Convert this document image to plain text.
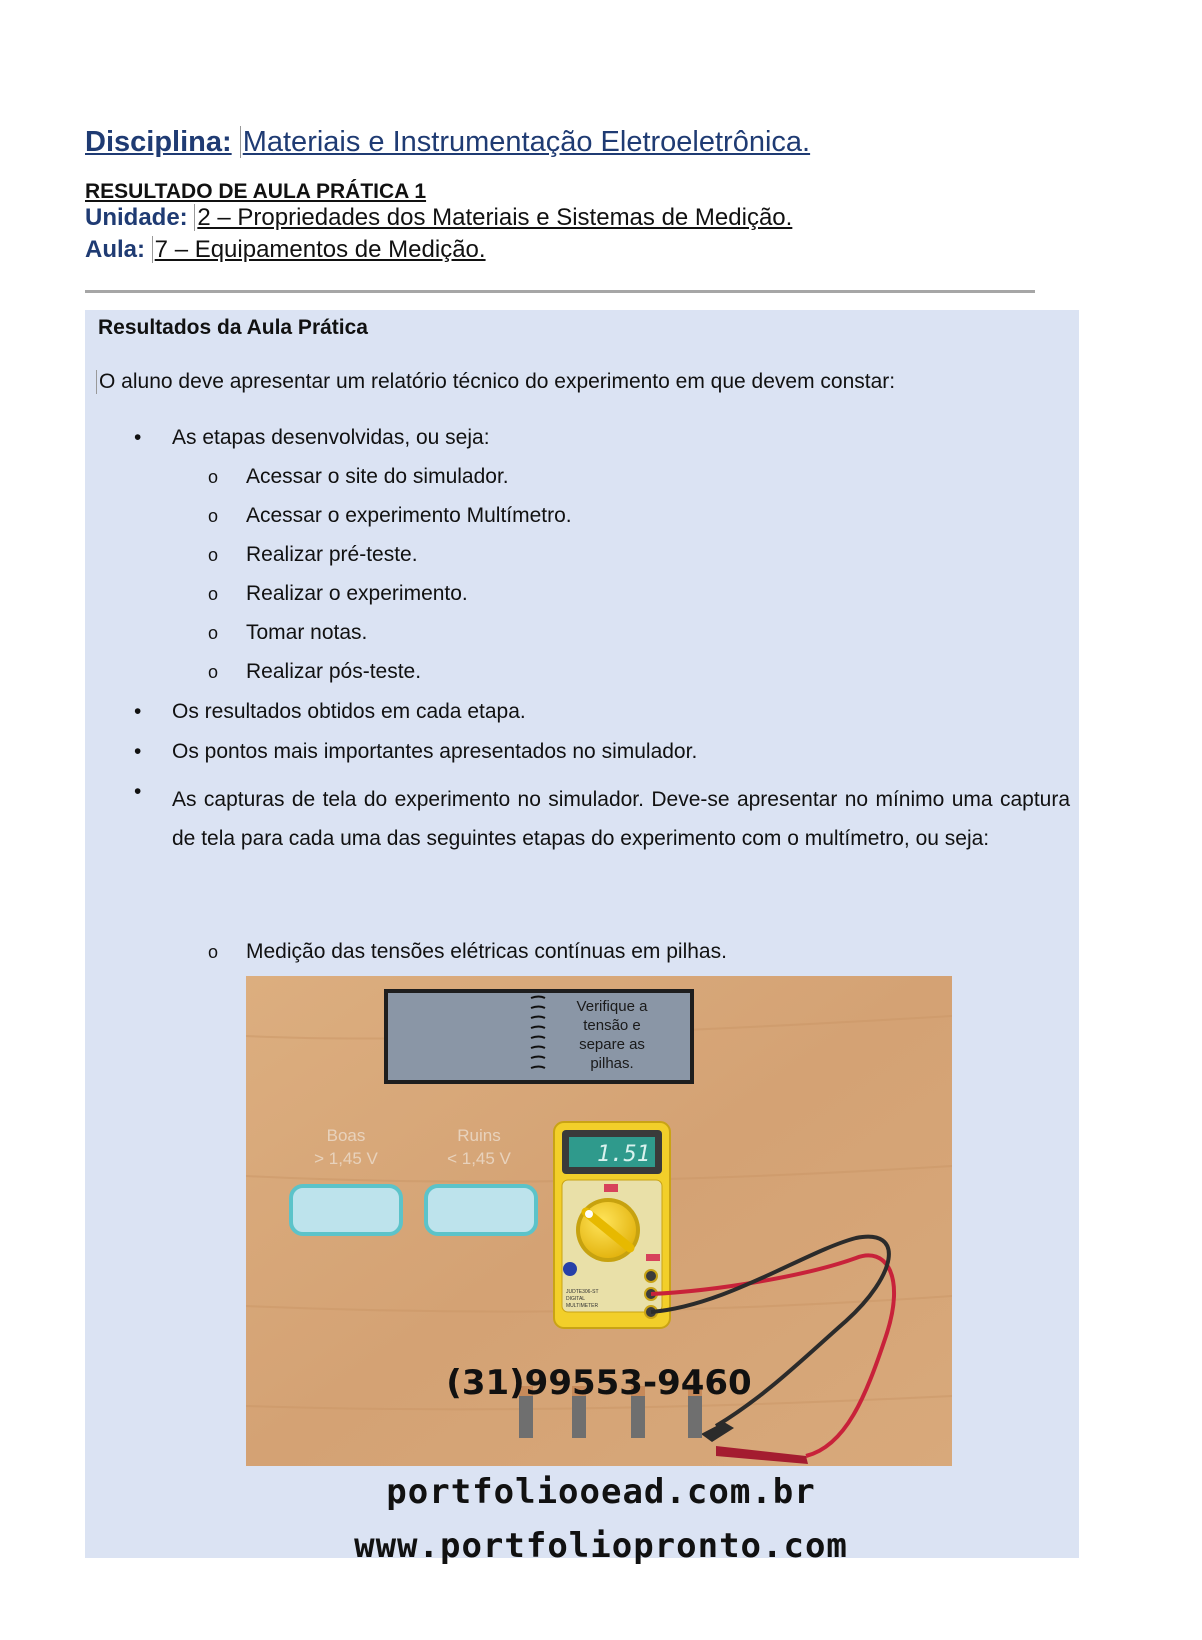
Disciplina: Materiais e Instrumentação Eletroeletrônica.
RESULTADO DE AULA PRÁTICA 1
Unidade: 2 – Propriedades dos Materiais e Sistemas de Medição.
Aula: 7 – Equipamentos de Medição.
Resultados da Aula Prática
O aluno deve apresentar um relatório técnico do experimento em que devem constar:
• As etapas desenvolvidas, ou seja:
o Acessar o site do simulador.
o Acessar o experimento Multímetro.
o Realizar pré-teste.
o Realizar o experimento.
o Tomar notas.
o Realizar pós-teste.
• Os resultados obtidos em cada etapa.
• Os pontos mais importantes apresentados no simulador.
• As capturas de tela do experimento no simulador. Deve-se apresentar no mínimo uma captura de tela para cada uma das seguintes etapas do experimento com o multímetro, ou seja:
o Medição das tensões elétricas contínuas em pilhas.
Verifique a
tensão e
separe as
pilhas.
Boas
> 1,45 V
Ruins
< 1,45 V	1.51
JUDTE306-ST
DIGITAL
MULTIMETER
(31)99553-9460
portfoliooead.com.br
www.portfoliopronto.com
